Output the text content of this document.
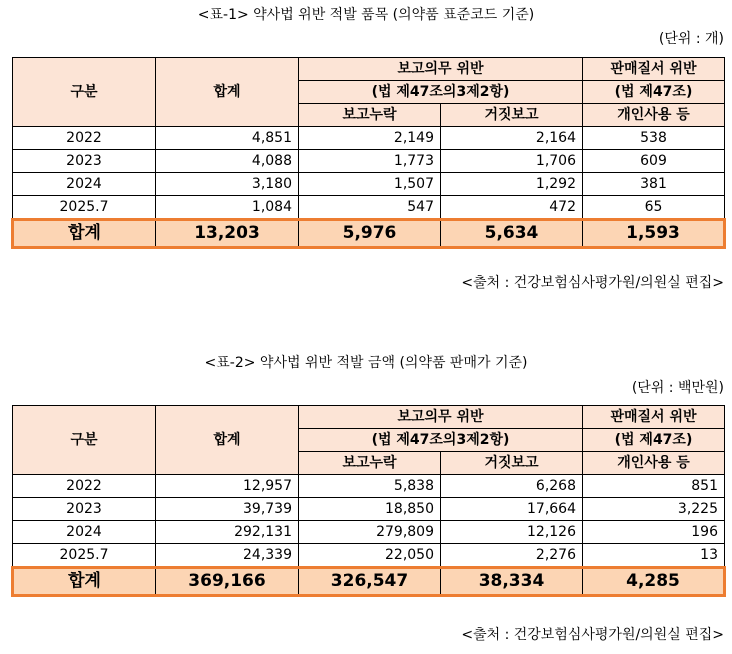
<표-1> 약사법 위반 적발 품목 (의약품 표준코드 기준)
(단위 : 개)
구분	합계	보고의무 위반		판매질서 위반
		(법 제47조의3제2항)		(법 제47조)
		보고누락	거짓보고	개인사용 등
2022	4,851	2,149	2,164	538
2023	4,088	1,773	1,706	609
2024	3,180	1,507	1,292	381
2025.7	1,084	547	472	65
합계	13,203	5,976	5,634	1,593
<출처 : 건강보험심사평가원/의원실 편집>
<표-2> 약사법 위반 적발 금액 (의약품 판매가 기준)
(단위 : 백만원)
구분	합계	보고의무 위반		판매질서 위반
		(법 제47조의3제2항)		(법 제47조)
		보고누락	거짓보고	개인사용 등
2022	12,957	5,838	6,268	851
2023	39,739	18,850	17,664	3,225
2024	292,131	279,809	12,126	196
2025.7	24,339	22,050	2,276	13
합계	369,166	326,547	38,334	4,285
<출처 : 건강보험심사평가원/의원실 편집>
